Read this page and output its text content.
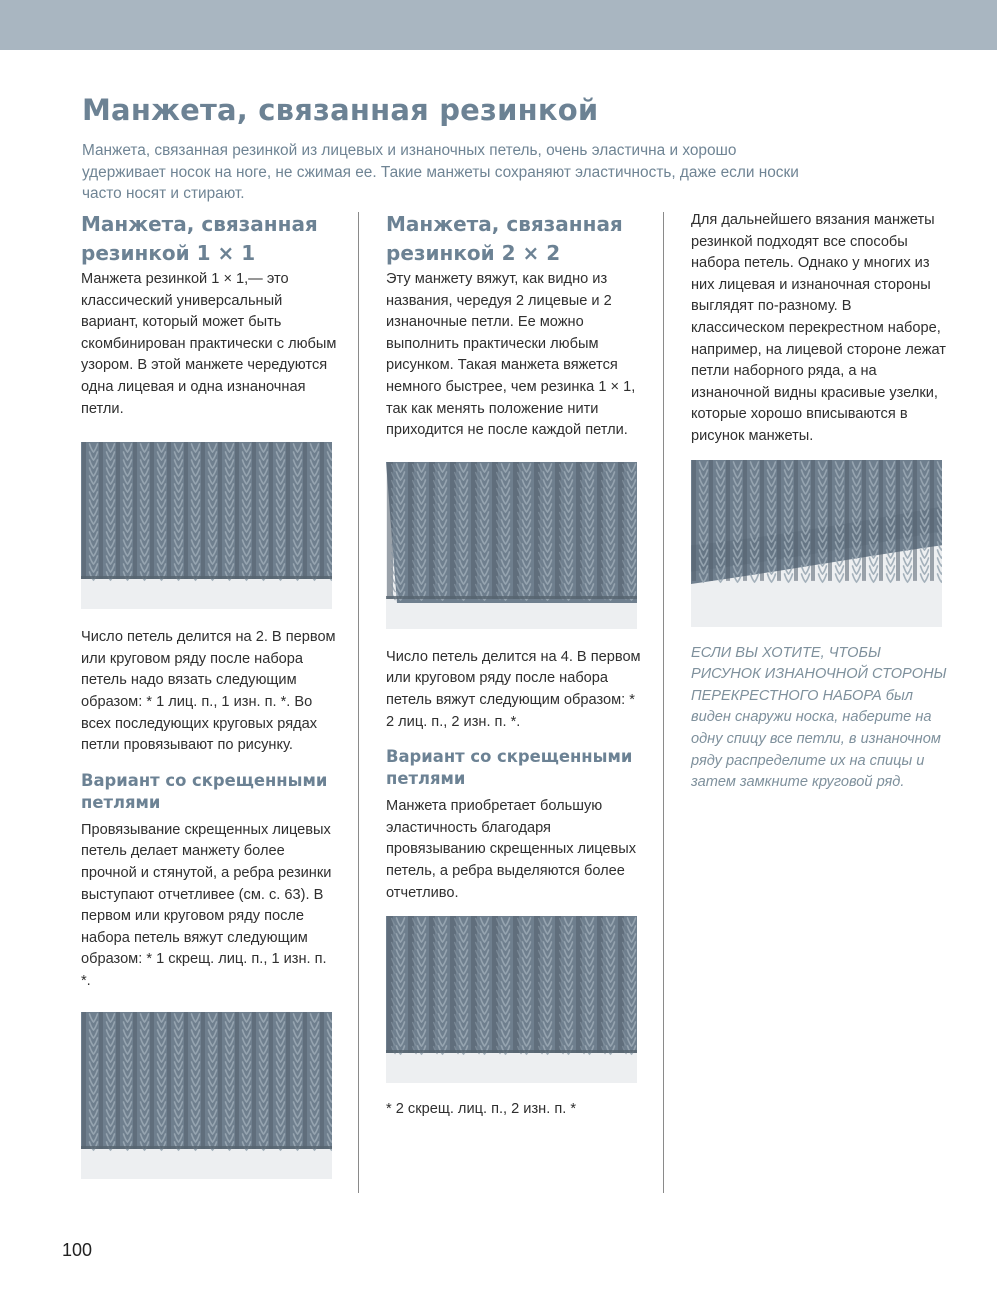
Манжета, связанная резинкой

Манжета, связанная резинкой из лицевых и изнаночных петель, очень эластична и хорошо удерживает носок на ноге, не сжимая ее. Такие манжеты сохраняют эластичность, даже если носки часто носят и стирают.

Манжета, связанная
резинкой 1 × 1

Манжета резинкой 1 × 1,— это классический универсальный вариант, который может быть скомбинирован практически с любым узором. В этой манжете чередуются одна лицевая и одна изнаночная петли.

Число петель делится на 2. В первом или круговом ряду после набора петель надо вязать следующим образом: * 1 лиц. п., 1 изн. п. *. Во всех последующих круговых рядах петли провязывают по рисунку.

Вариант со скрещенными петлями

Провязывание скрещенных лицевых петель делает манжету более прочной и стянутой, а ребра резинки выступают отчетливее (см. с. 63). В первом или круговом ряду после набора петель вяжут следующим образом: * 1 скрещ. лиц. п., 1 изн. п. *.

Манжета, связанная
резинкой 2 × 2

Эту манжету вяжут, как видно из названия, чередуя 2 лицевые и 2 изнаночные петли. Ее можно выполнить практически любым рисунком. Такая манжета вяжется немного быстрее, чем резинка 1 × 1, так как менять положение нити приходится не после каждой петли.

Число петель делится на 4. В первом или круговом ряду после набора петель вяжут следующим образом: * 2 лиц. п., 2 изн. п. *.

Вариант со скрещенными петлями

Манжета приобретает большую эластичность благодаря провязыванию скрещенных лицевых петель, а ребра выделяются более отчетливо.

* 2 скрещ. лиц. п., 2 изн. п. *

Для дальнейшего вязания манжеты резинкой подходят все способы набора петель. Однако у многих из них лицевая и изнаночная стороны выглядят по-разному. В классическом перекрестном наборе, например, на лицевой стороне лежат петли наборного ряда, а на изнаночной видны красивые узелки, которые хорошо вписываются в рисунок манжеты.

ЕСЛИ ВЫ ХОТИТЕ, ЧТОБЫ РИСУНОК ИЗНАНОЧНОЙ СТОРОНЫ ПЕРЕКРЕСТНОГО НАБОРА был виден снаружи носка, наберите на одну спицу все петли, в изнаночном ряду распределите их на спицы и затем замкните круговой ряд.

100
